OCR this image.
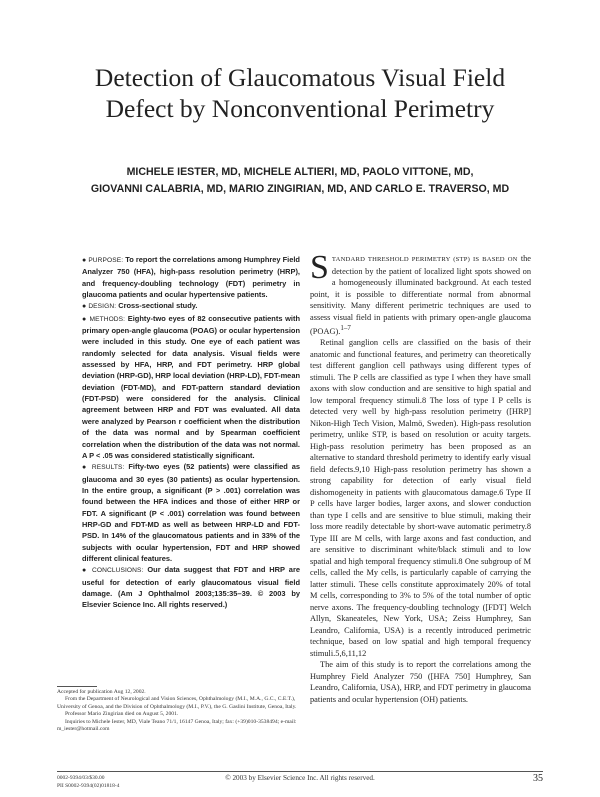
Detection of Glaucomatous Visual Field
Defect by Nonconventional Perimetry
MICHELE IESTER, MD, MICHELE ALTIERI, MD, PAOLO VITTONE, MD,
GIOVANNI CALABRIA, MD, MARIO ZINGIRIAN, MD, AND CARLO E. TRAVERSO, MD

● PURPOSE: To report the correlations among Humphrey Field Analyzer 750 (HFA), high-pass resolution perimetry (HRP), and frequency-doubling technology (FDT) perimetry in glaucoma patients and ocular hypertensive patients.

● DESIGN: Cross-sectional study.

● METHODS: Eighty-two eyes of 82 consecutive patients with primary open-angle glaucoma (POAG) or ocular hypertension were included in this study. One eye of each patient was randomly selected for data analysis. Visual fields were assessed by HFA, HRP, and FDT perimetry. HRP global deviation (HRP-GD), HRP local deviation (HRP-LD), FDT-mean deviation (FDT-MD), and FDT-pattern standard deviation (FDT-PSD) were considered for the analysis. Clinical agreement between HRP and FDT was evaluated. All data were analyzed by Pearson r coefficient when the distribution of the data was normal and by Spearman coefficient correlation when the distribution of the data was not normal. A P < .05 was considered statistically significant.

● RESULTS: Fifty-two eyes (52 patients) were classified as glaucoma and 30 eyes (30 patients) as ocular hypertension. In the entire group, a significant (P > .001) correlation was found between the HFA indices and those of either HRP or FDT. A significant (P < .001) correlation was found between HRP-GD and FDT-MD as well as between HRP-LD and FDT-PSD. In 14% of the glaucomatous patients and in 33% of the subjects with ocular hypertension, FDT and HRP showed different clinical features.

● CONCLUSIONS: Our data suggest that FDT and HRP are useful for detection of early glaucomatous visual field damage. (Am J Ophthalmol 2003;135:35–39. © 2003 by Elsevier Science Inc. All rights reserved.)

STANDARD THRESHOLD PERIMETRY (STP) IS BASED ON the detection by the patient of localized light spots showed on a homogeneously illuminated background. At each tested point, it is possible to differentiate normal from abnormal sensitivity. Many different perimetric techniques are used to assess visual field in patients with primary open-angle glaucoma (POAG).$^{1-7}$

Retinal ganglion cells are classified on the basis of their anatomic and functional features, and perimetry can theoretically test different ganglion cell pathways using different types of stimuli. The P cells are classified as type I when they have small axons with slow conduction and are sensitive to high spatial and low temporal frequency stimuli.8 The loss of type I P cells is detected very well by high-pass resolution perimetry ([HRP] Nikon-High Tech Vision, Malmö, Sweden). High-pass resolution perimetry, unlike STP, is based on resolution or acuity targets. High-pass resolution perimetry has been proposed as an alternative to standard threshold perimetry to identify early visual field defects.9,10 High-pass resolution perimetry has shown a strong capability for detection of early visual field dishomogeneity in patients with glaucomatous damage.6 Type II P cells have larger bodies, larger axons, and slower conduction than type I cells and are sensitive to blue stimuli, making their loss more readily detectable by short-wave automatic perimetry.8 Type III are M cells, with large axons and fast conduction, and are sensitive to discriminant white/black stimuli and to low spatial and high temporal frequency stimuli.8 One subgroup of M cells, called the My cells, is particularly capable of carrying the latter stimuli. These cells constitute approximately 20% of total M cells, corresponding to 3% to 5% of the total number of optic nerve axons. The frequency-doubling technology ([FDT] Welch Allyn, Skaneateles, New York, USA; Zeiss Humphrey, San Leandro, California, USA) is a recently introduced perimetric technique, based on low spatial and high temporal frequency stimuli.5,6,11,12

The aim of this study is to report the correlations among the Humphrey Field Analyzer 750 ([HFA 750] Humphrey, San Leandro, California, USA), HRP, and FDT perimetry in glaucoma patients and ocular hypertension (OH) patients.

Accepted for publication Aug 12, 2002.

From the Department of Neurological and Vision Sciences, Ophthalmology (M.I., M.A., G.C., C.E.T.), University of Genoa, and the Division of Ophthalmology (M.I., P.V.), the G. Gaslini Institute, Genoa, Italy.

Professor Mario Zingirian died on August 5, 2001.

Inquiries to Michele Iester, MD, Viale Teano 71/1, 16147 Genoa, Italy; fax: (+39)010-3538494; e-mail: m_iester@hotmail.com

0002-9394/03/$30.00
PII S0002-9394(02)01818-4
© 2003 by Elsevier Science Inc. All rights reserved.	35
